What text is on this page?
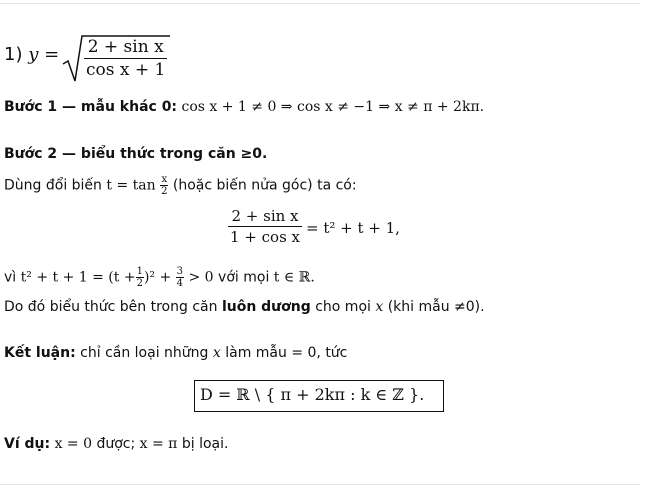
1) $y = \frac{\text{2 + sin x}}{\text{cos x + 1}}$
Bước 1 — mẫu khác 0: cos x + 1 ≠ 0 ⇒ cos x ≠ −1 ⇒ x ≠ π + 2kπ.
Bước 2 — biểu thức trong căn ≥0.
Dùng đổi biến $t = \tan \frac{x}{2}$ (hoặc biến nửa góc) ta có:
$\frac{\text{2 + sin x}}{\text{1 + cos x}} = t^2 + t + 1$,
vì $t^2 + t + 1 = (t + \frac{1}{2} )^2 + \frac{3}{4} > 0$ với mọi t ∈ ℝ.
Do đó biểu thức bên trong căn luôn dương cho mọi x (khi mẫu ≠0).
Kết luận: chỉ cần loại những x làm mẫu = 0, tức
D = ℝ \ { π + 2kπ : k ∈ ℤ }.
Ví dụ: x = 0 được; x = π bị loại.
